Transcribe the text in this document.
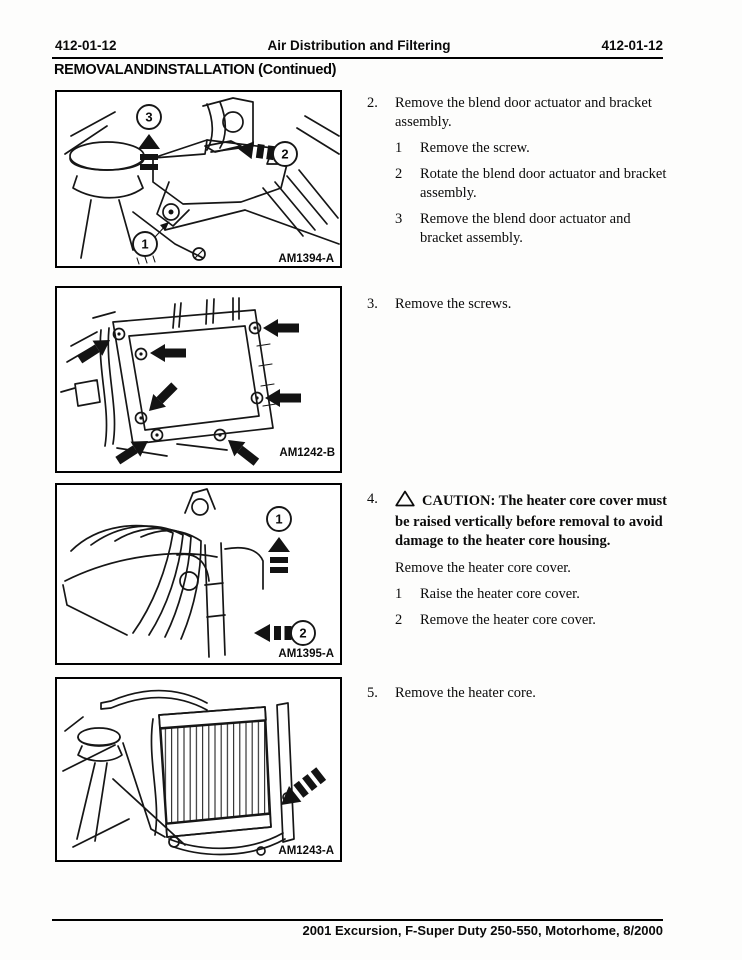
412-01-12	Air Distribution and Filtering	412-01-12
REMOVALANDINSTALLATION (Continued)
3
2
1
AM1394-A
AM1242-B
1
2
AM1395-A
AM1243-A
2.	Remove the blend door actuator and bracket assembly.
1	Remove the screw.
2	Rotate the blend door actuator and bracket assembly.
3	Remove the blend door actuator and bracket assembly.
3.	Remove the screws.
4.	CAUTION: The heater core cover must be raised vertically before removal to avoid damage to the heater core housing.
Remove the heater core cover.
1	Raise the heater core cover.
2	Remove the heater core cover.
5.	Remove the heater core.
2001 Excursion, F-Super Duty 250-550, Motorhome, 8/2000
